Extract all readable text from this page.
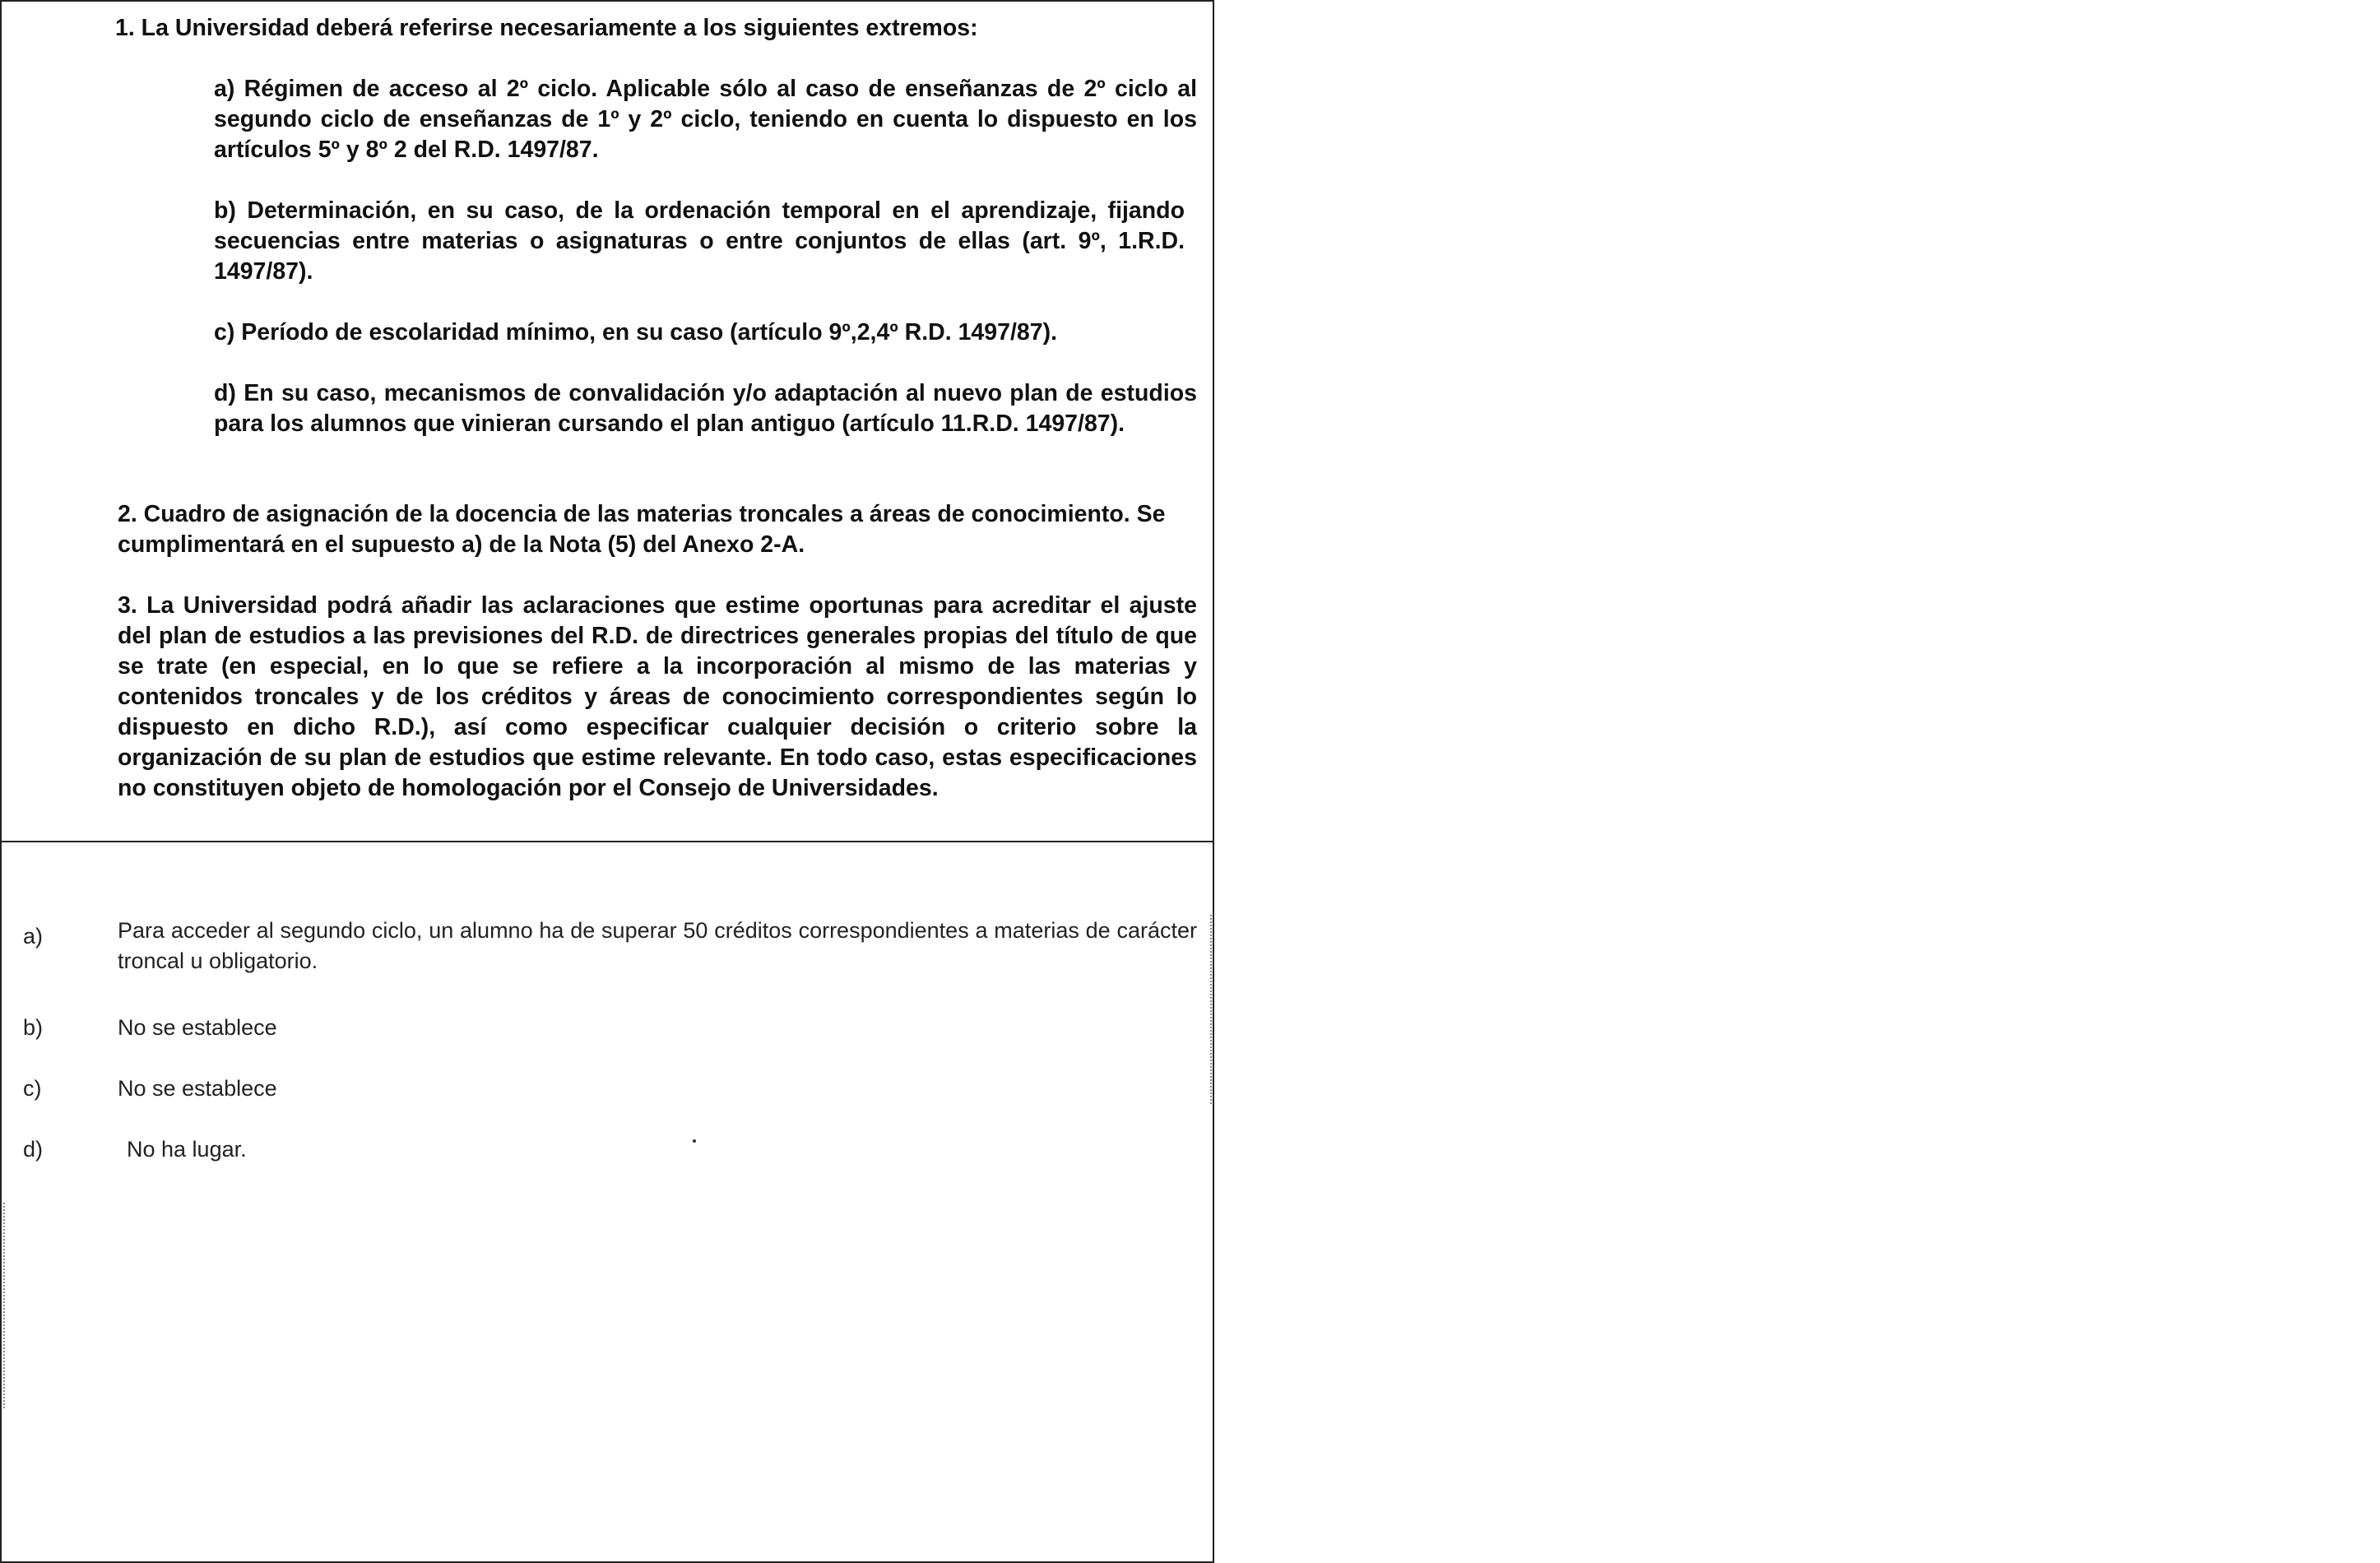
1. La Universidad deberá referirse necesariamente a los siguientes extremos:

a) Régimen de acceso al 2º ciclo. Aplicable sólo al caso de enseñanzas de 2º ciclo al segundo ciclo de enseñanzas de 1º y 2º ciclo, teniendo en cuenta lo dispuesto en los artículos 5º y 8º 2 del R.D. 1497/87.

b) Determinación, en su caso, de la ordenación temporal en el aprendizaje, fijando secuencias entre materias o asignaturas o entre conjuntos de ellas (art. 9º, 1.R.D. 1497/87).

c) Período de escolaridad mínimo, en su caso (artículo 9º,2,4º R.D. 1497/87).

d) En su caso, mecanismos de convalidación y/o adaptación al nuevo plan de estudios para los alumnos que vinieran cursando el plan antiguo (artículo 11.R.D. 1497/87).

2. Cuadro de asignación de la docencia de las materias troncales a áreas de conocimiento. Se cumplimentará en el supuesto a) de la Nota (5) del Anexo 2-A.

3. La Universidad podrá añadir las aclaraciones que estime oportunas para acreditar el ajuste del plan de estudios a las previsiones del R.D. de directrices generales propias del título de que se trate (en especial, en lo que se refiere a la incorporación al mismo de las materias y contenidos troncales y de los créditos y áreas de conocimiento correspondientes según lo dispuesto en dicho R.D.), así como especificar cualquier decisión o criterio sobre la organización de su plan de estudios que estime relevante. En todo caso, estas especificaciones no constituyen objeto de homologación por el Consejo de Universidades.

a)	Para acceder al segundo ciclo, un alumno ha de superar 50 créditos correspondientes a materias de carácter troncal u obligatorio.

b)	No se establece

c)	No se establece

d)	No ha lugar.
